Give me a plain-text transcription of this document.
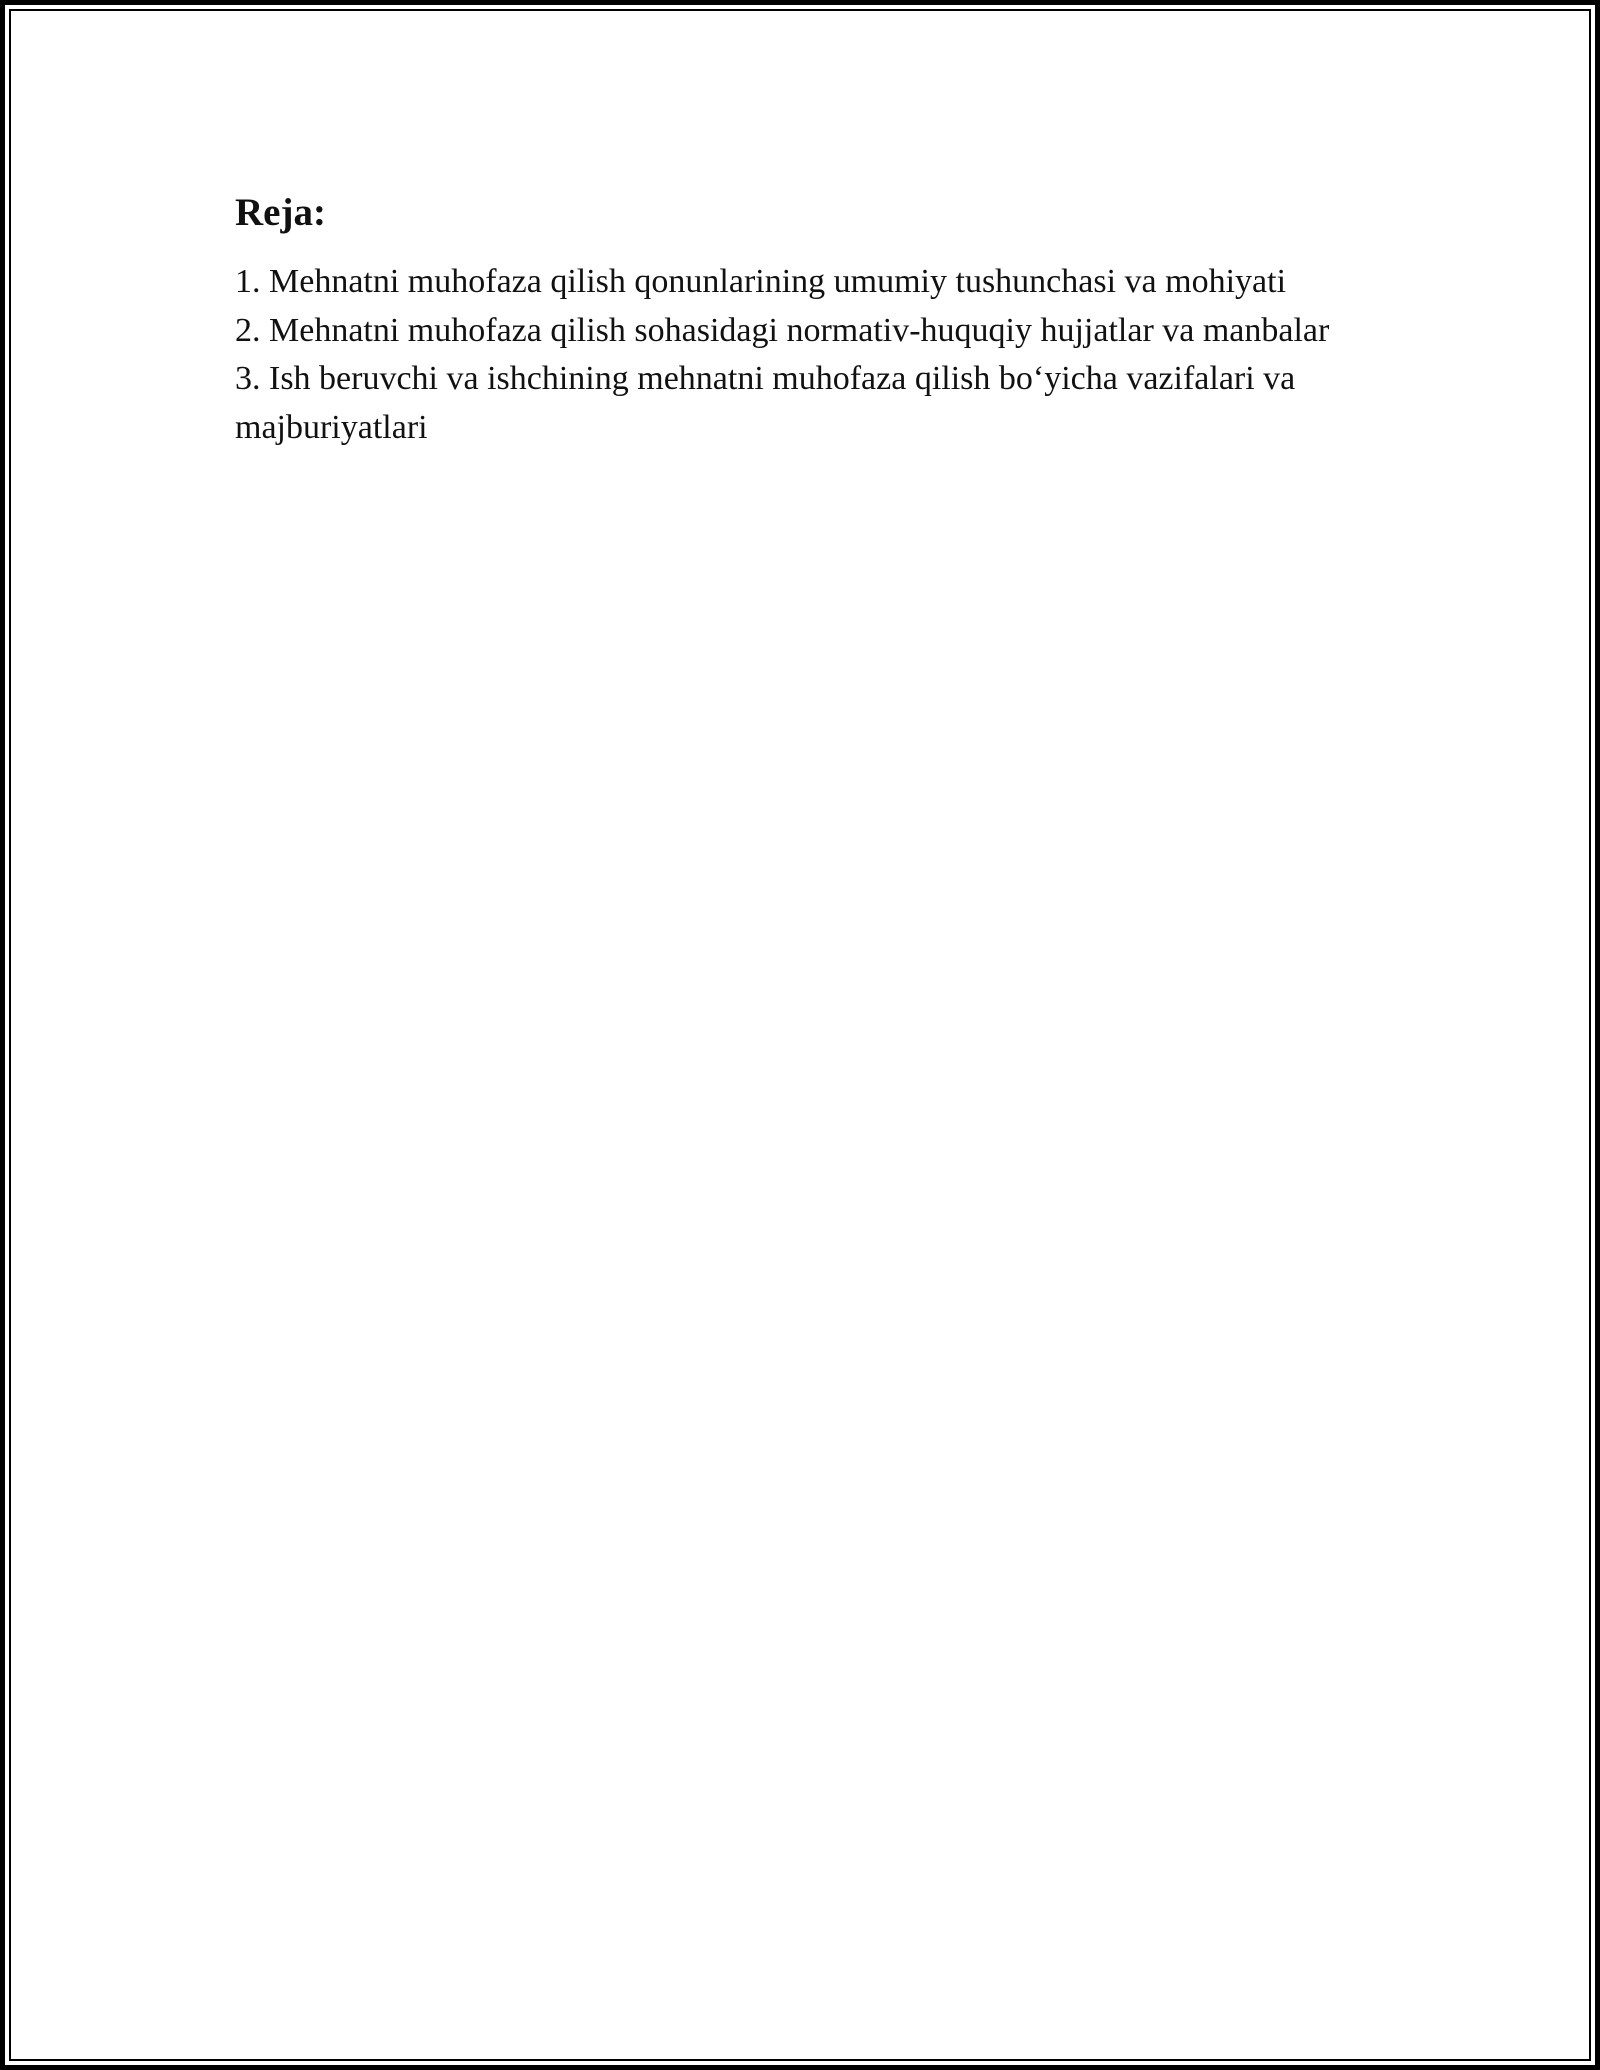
Reja:
1. Mehnatni muhofaza qilish qonunlarining umumiy tushunchasi va mohiyati
2. Mehnatni muhofaza qilish sohasidagi normativ-huquqiy hujjatlar va manbalar
3. Ish beruvchi va ishchining mehnatni muhofaza qilish bo‘yicha vazifalari va majburiyatlari
